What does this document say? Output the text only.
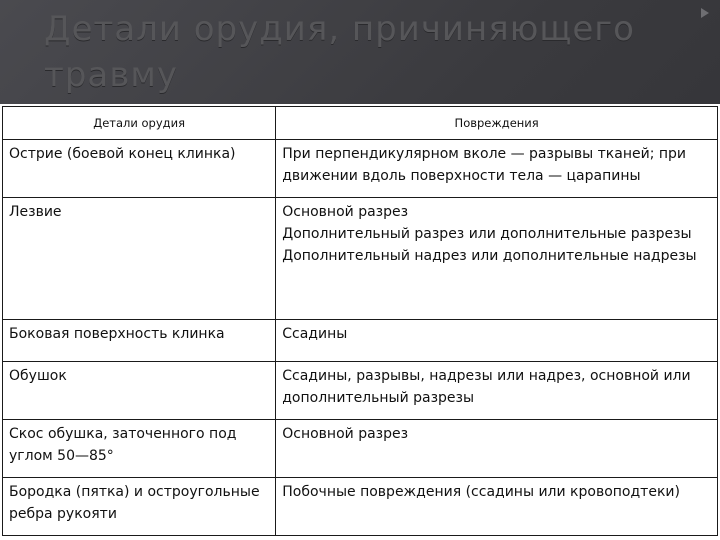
Детали орудия, причиняющего травму
Детали орудия	Повреждения
Острие (боевой конец клинка)	При перпендикулярном вколе — разрывы тканей; при движении вдоль поверхности тела — царапины
Лезвие	Основной разрез
Дополнительный разрез или дополнительные разрезы
Дополнительный надрез или дополнительные надрезы

Боковая поверхность клинка	Ссадины
Обушок	Ссадины, разрывы, надрезы или надрез, основной или дополнительный разрезы
Скос обушка, заточенного под углом 50—85°	Основной разрез
Бородка (пятка) и остроугольные ребра рукояти	Побочные повреждения (ссадины или кровоподтеки)
